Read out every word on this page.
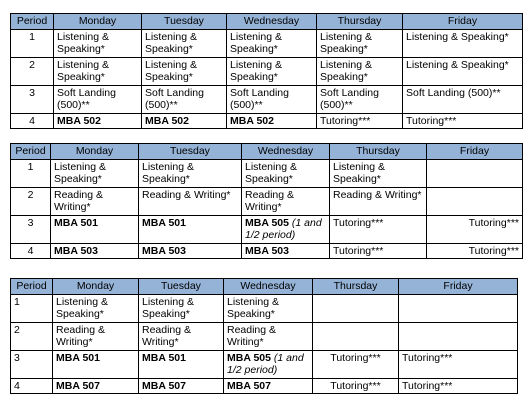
Period	Monday	Tuesday	Wednesday	Thursday	Friday
1	Listening & Speaking*	Listening & Speaking*	Listening & Speaking*	Listening & Speaking*	Listening & Speaking*
2	Listening & Speaking*	Listening & Speaking*	Listening & Speaking*	Listening & Speaking*	Listening & Speaking*
3	Soft Landing (500)**	Soft Landing (500)**	Soft Landing (500)**	Soft Landing (500)**	Soft Landing (500)**
4	MBA 502	MBA 502	MBA 502	Tutoring***	Tutoring***
Period	Monday	Tuesday	Wednesday	Thursday	Friday
1	Listening & Speaking*	Listening & Speaking*	Listening & Speaking*	Listening & Speaking*	
2	Reading & Writing*	Reading & Writing*	Reading & Writing*	Reading & Writing*	
3	MBA 501	MBA 501	MBA 505 (1 and 1/2 period)	Tutoring***	Tutoring***
4	MBA 503	MBA 503	MBA 503	Tutoring***	Tutoring***
Period	Monday	Tuesday	Wednesday	Thursday	Friday
1	Listening & Speaking*	Listening & Speaking*	Listening & Speaking*		
2	Reading & Writing*	Reading & Writing*	Reading & Writing*		
3	MBA 501	MBA 501	MBA 505 (1 and 1/2 period)	Tutoring***	Tutoring***
4	MBA 507	MBA 507	MBA 507	Tutoring***	Tutoring***
